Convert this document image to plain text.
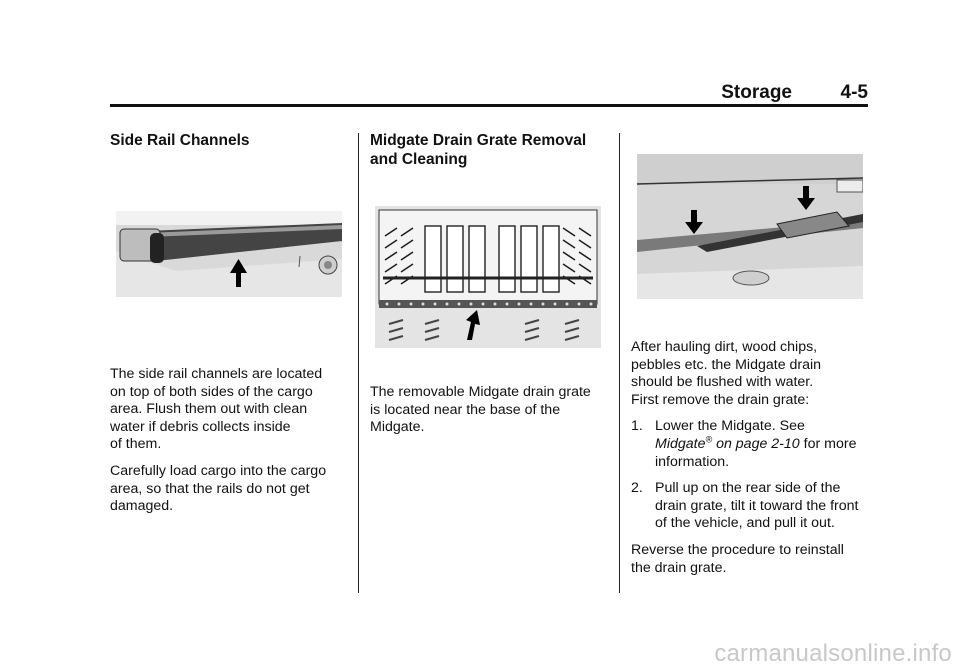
Storage	4-5
Side Rail Channels

The side rail channels are located
on top of both sides of the cargo
area. Flush them out with clean
water if debris collects inside
of them.

Carefully load cargo into the cargo
area, so that the rails do not get
damaged.

Midgate Drain Grate Removal
and Cleaning

The removable Midgate drain grate
is located near the base of the
Midgate.

After hauling dirt, wood chips,
pebbles etc. the Midgate drain
should be flushed with water.
First remove the drain grate:

1. Lower the Midgate. See
Midgate® on page 2-10 for more
information.
2. Pull up on the rear side of the
drain grate, tilt it toward the front
of the vehicle, and pull it out.

Reverse the procedure to reinstall
the drain grate.

carmanualsonline.info
